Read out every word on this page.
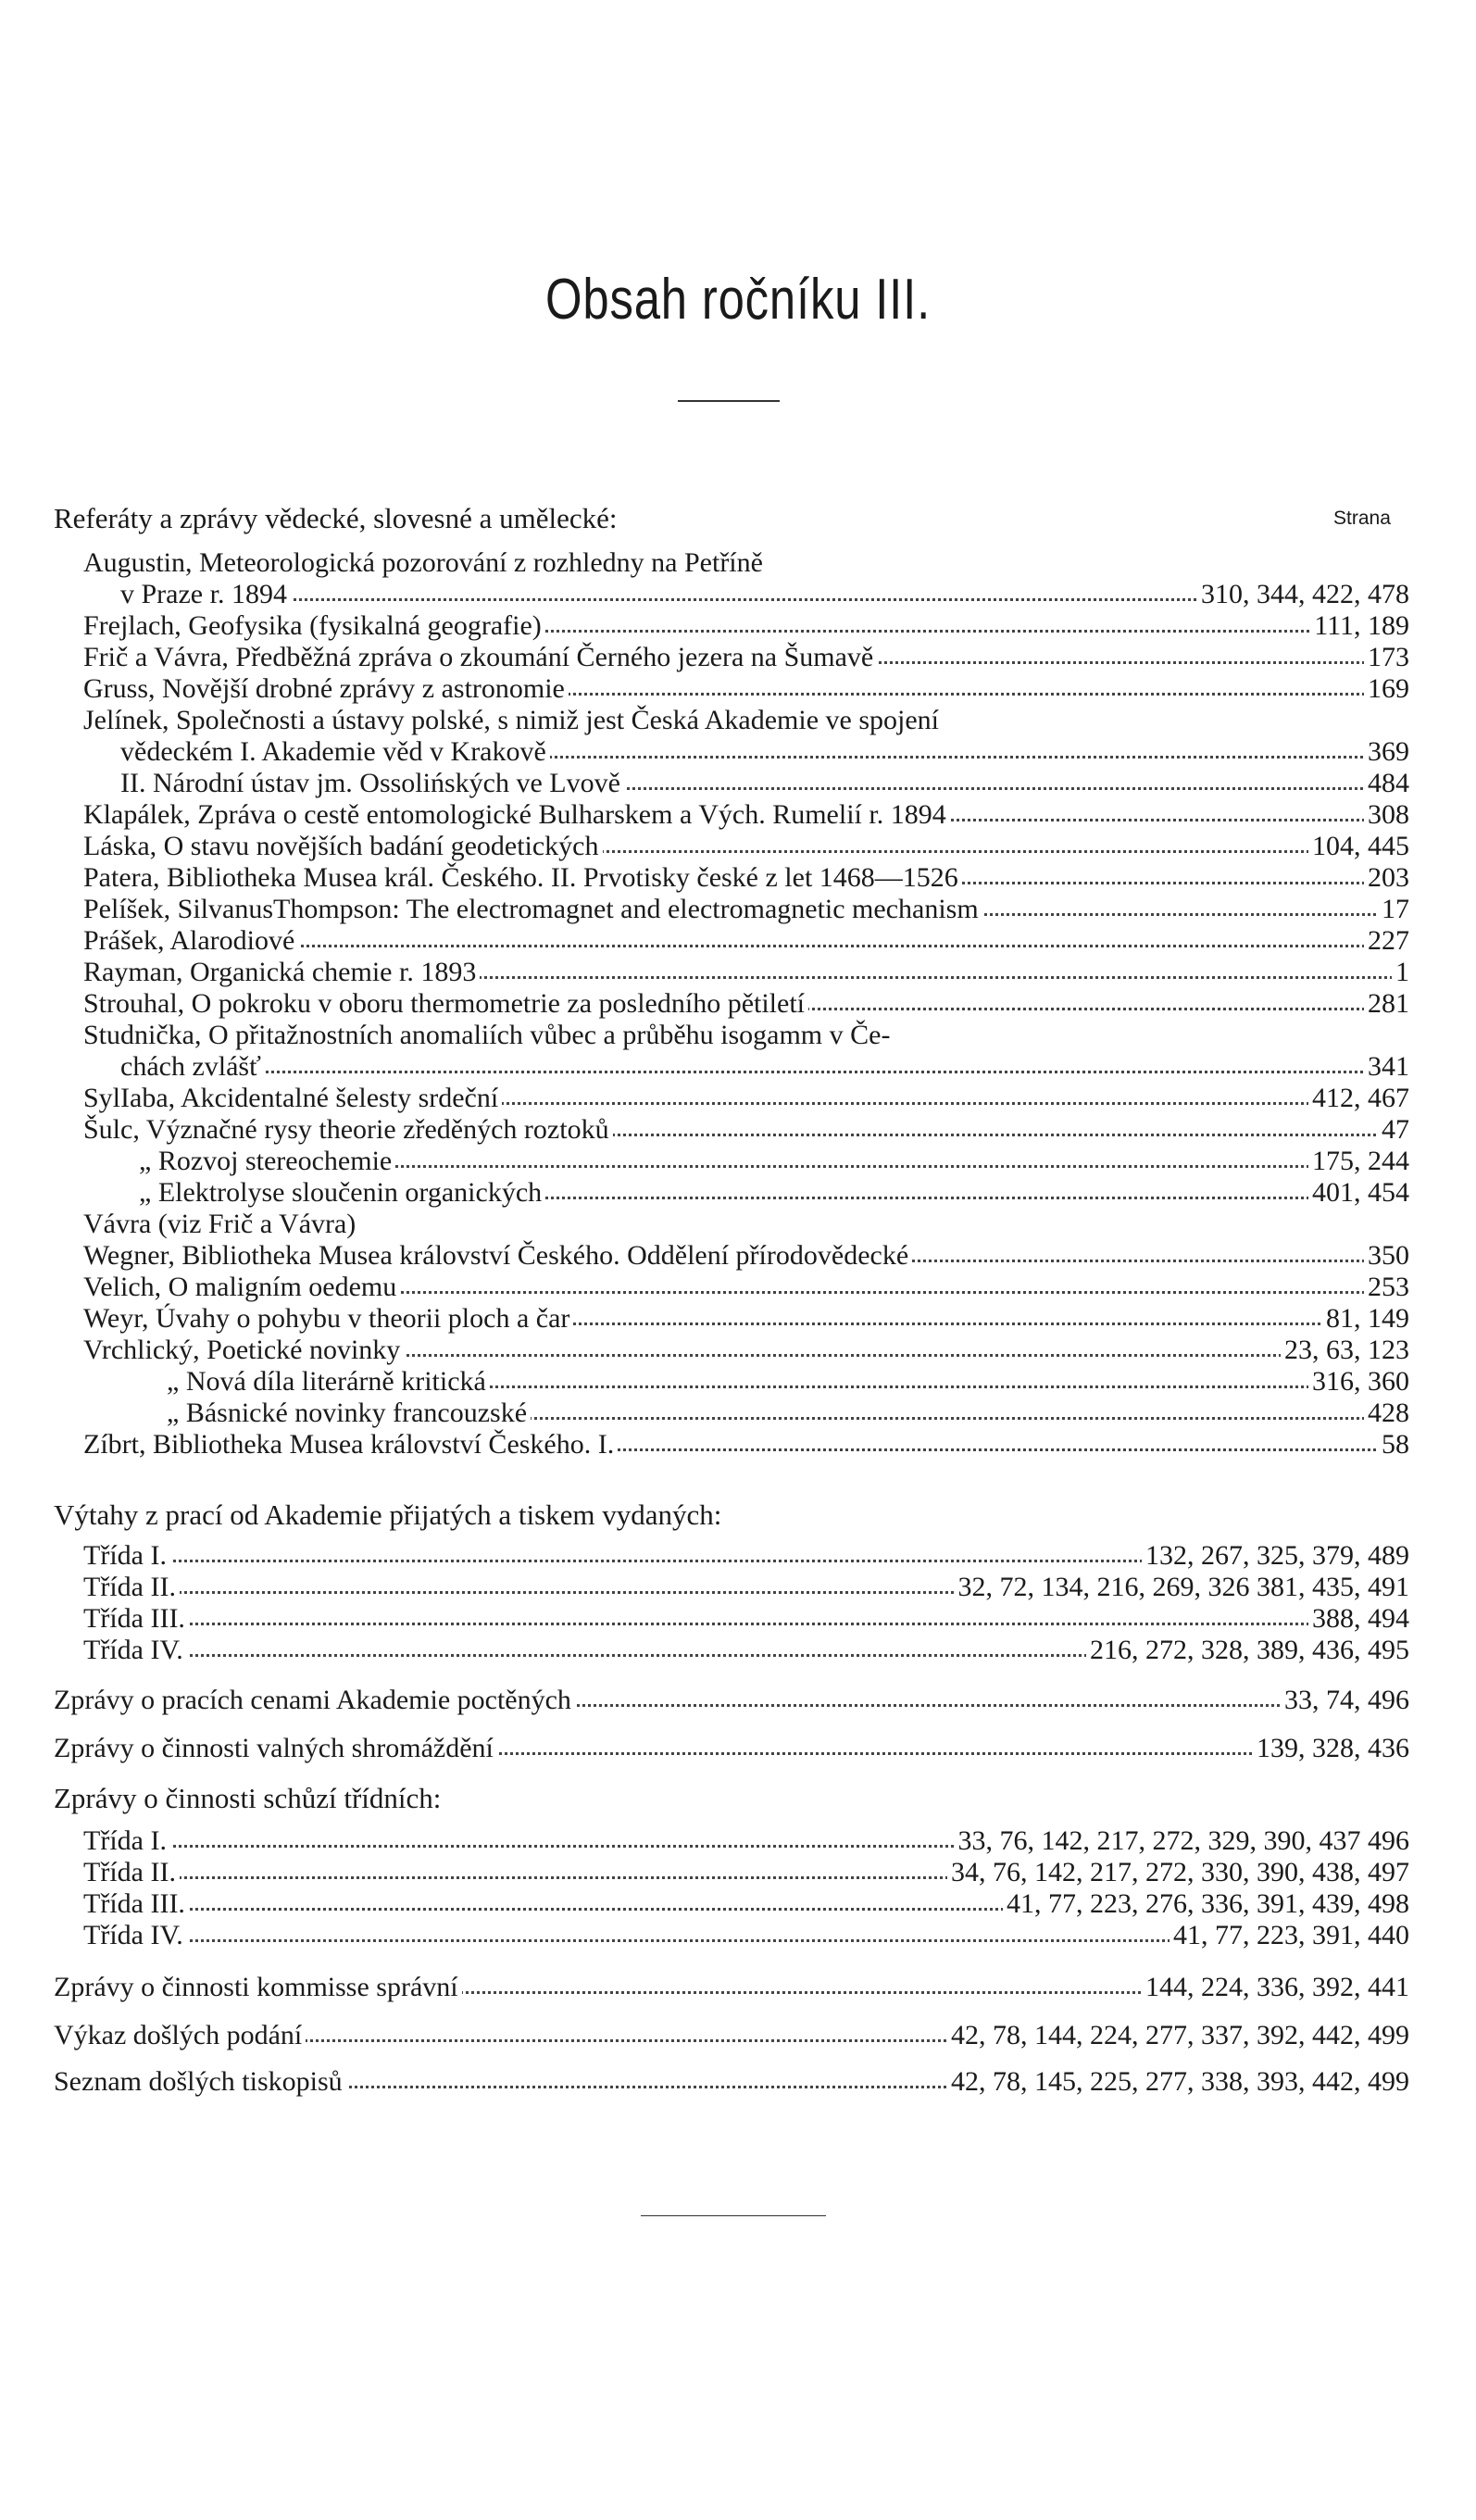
Obsah ročníku III.
Referáty a zprávy vědecké, slovesné a umělecké:	Strana
Augustin, Meteorologická pozorování z rozhledny na Petříně
v Praze r. 1894	310, 344, 422, 478
Frejlach, Geofysika (fysikalná geografie)	111, 189
Frič a Vávra, Předběžná zpráva o zkoumání Černého jezera na Šumavě	173
Gruss, Novější drobné zprávy z astronomie	169
Jelínek, Společnosti a ústavy polské, s nimiž jest Česká Akademie ve spojení
vědeckém I. Akademie věd v Krakově	369
II. Národní ústav jm. Ossolińských ve Lvově	484
Klapálek, Zpráva o cestě entomologické Bulharskem a Vých. Rumelií r. 1894	308
Láska, O stavu novějších badání geodetických	104, 445
Patera, Bibliotheka Musea král. Českého. II. Prvotisky české z let 1468—1526	203
Pelíšek, SilvanusThompson: The electromagnet and electromagnetic mechanism	17
Prášek, Alarodiové	227
Rayman, Organická chemie r. 1893	1
Strouhal, O pokroku v oboru thermometrie za posledního pětiletí	281
Studnička, O přitažnostních anomaliích vůbec a průběhu isogamm v Če-
chách zvlášť	341
SylIaba, Akcidentalné šelesty srdeční	412, 467
Šulc, Význačné rysy theorie zředěných roztoků	47
„ Rozvoj stereochemie	175, 244
„ Elektrolyse sloučenin organických	401, 454
Vávra (viz Frič a Vávra)
Wegner, Bibliotheka Musea království Českého. Oddělení přírodovědecké	350
Velich, O maligním oedemu	253
Weyr, Úvahy o pohybu v theorii ploch a čar	81, 149
Vrchlický, Poetické novinky	23, 63, 123
„ Nová díla literárně kritická	316, 360
„ Básnické novinky francouzské	428
Zíbrt, Bibliotheka Musea království Českého. I.	58
Výtahy z prací od Akademie přijatých a tiskem vydaných:
Třída I.	132, 267, 325, 379, 489
Třída II.	32, 72, 134, 216, 269, 326 381, 435, 491
Třída III.	388, 494
Třída IV.	216, 272, 328, 389, 436, 495
Zprávy o pracích cenami Akademie poctěných	33, 74, 496
Zprávy o činnosti valných shromáždění	139, 328, 436
Zprávy o činnosti schůzí třídních:
Třída I.	33, 76, 142, 217, 272, 329, 390, 437 496
Třída II.	34, 76, 142, 217, 272, 330, 390, 438, 497
Třída III.	41, 77, 223, 276, 336, 391, 439, 498
Třída IV.	41, 77, 223, 391, 440
Zprávy o činnosti kommisse správní	144, 224, 336, 392, 441
Výkaz došlých podání	42, 78, 144, 224, 277, 337, 392, 442, 499
Seznam došlých tiskopisů	42, 78, 145, 225, 277, 338, 393, 442, 499
